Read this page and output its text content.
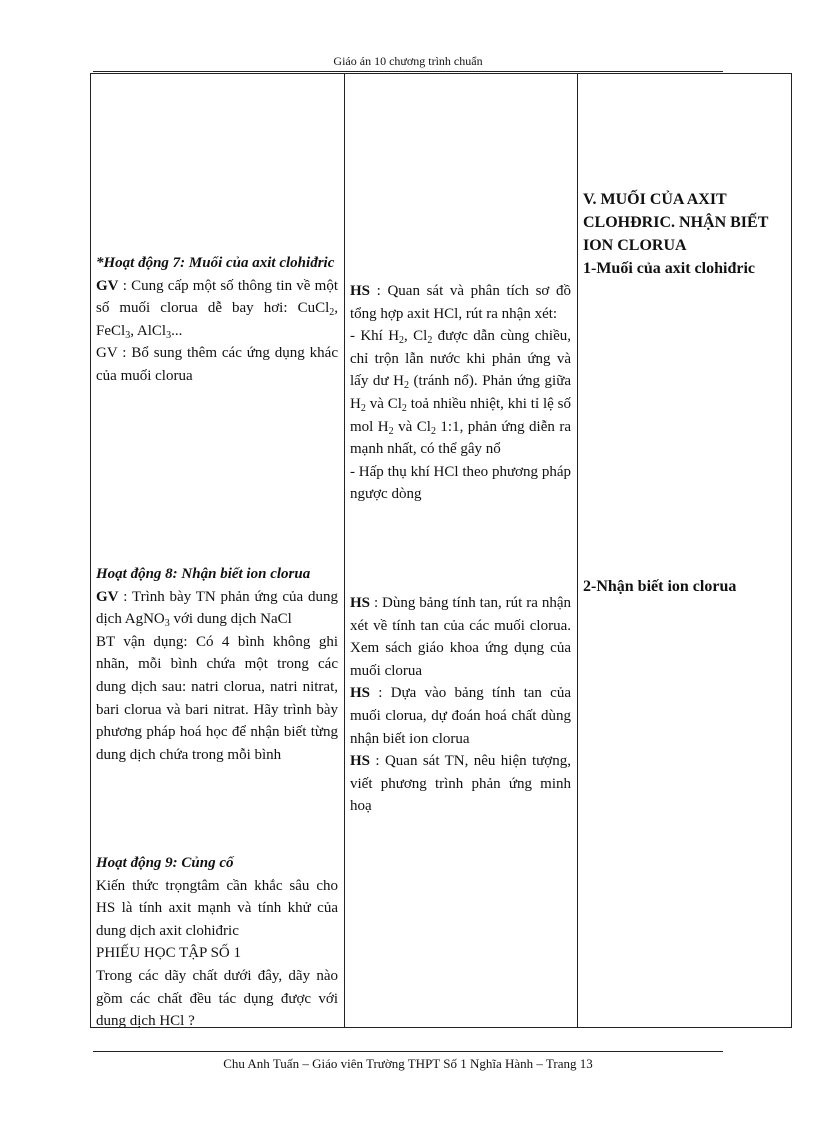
Giáo án 10 chương trình chuẩn

*Hoạt động 7: Muối của axit clohiđric

GV : Cung cấp một số thông tin về một số muối clorua dễ bay hơi: CuCl$_2$, FeCl$_3$, AlCl$_3$...

GV : Bổ sung thêm các ứng dụng khác của muối clorua

Hoạt động 8: Nhận biết ion clorua

GV : Trình bày TN phản ứng của dung dịch AgNO$_3$ với dung dịch NaCl

BT vận dụng: Có 4 bình không ghi nhãn, mỗi bình chứa một trong các dung dịch sau: natri clorua, natri nitrat, bari clorua và bari nitrat. Hãy trình bày phương pháp hoá học để nhận biết từng dung dịch chứa trong mỗi bình

Hoạt động 9: Củng cố

Kiến thức trọngtâm cần khắc sâu cho HS là tính axit mạnh và tính khử của dung dịch axit clohiđric

PHIẾU HỌC TẬP SỐ 1

Trong các dãy chất dưới đây, dãy nào gồm các chất đều tác dụng được với dung dịch HCl ?

HS : Quan sát và phân tích sơ đồ tổng hợp axit HCl, rút ra nhận xét:

- Khí $H_2$, $Cl_2$ được dẫn cùng chiều, chỉ trộn lẫn nước khi phản ứng và lấy dư $H_2$ (tránh nổ). Phản ứng giữa $H_2$ và $Cl_2$ toả nhiều nhiệt, khi tỉ lệ số mol $H_2$ và $Cl_2$ 1:1, phản ứng diễn ra mạnh nhất, có thể gây nổ

- Hấp thụ khí HCl theo phương pháp ngược dòng

HS : Dùng bảng tính tan, rút ra nhận xét về tính tan của các muối clorua. Xem sách giáo khoa ứng dụng của muối clorua

HS : Dựa vào bảng tính tan của muối clorua, dự đoán hoá chất dùng nhận biết ion clorua

HS : Quan sát TN, nêu hiện tượng, viết phương trình phản ứng minh hoạ

V. MUỐI CỦA AXIT CLOHĐRIC. NHẬN BIẾT ION CLORUA

1-Muối của axit clohiđric

2-Nhận biết ion clorua

Chu Anh Tuấn – Giáo viên Trường THPT Số 1 Nghĩa Hành – Trang 13
